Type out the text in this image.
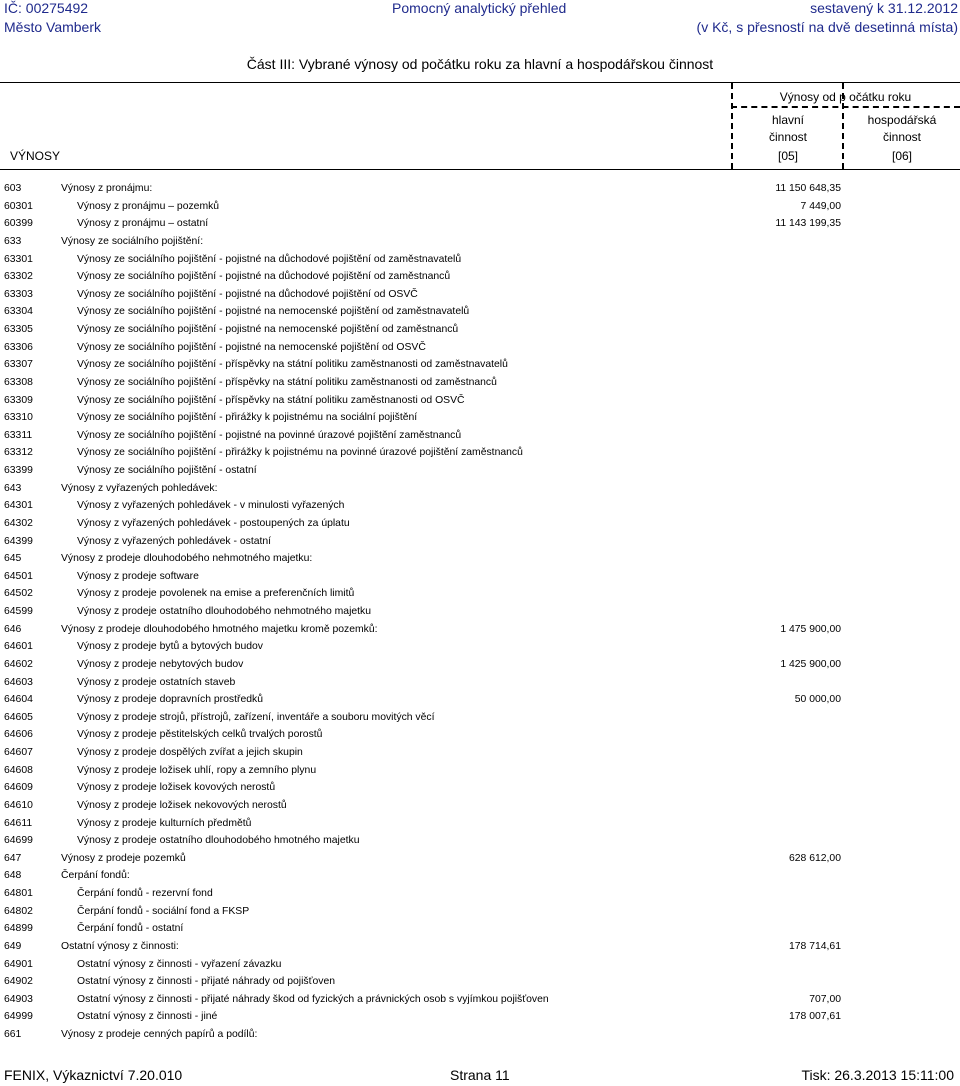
IČ: 00275492
Město Vamberk
Pomocný analytický přehled	sestavený k 31.12.2012
(v Kč, s přesností na dvě desetinná místa)
Část III: Vybrané výnosy od počátku roku za hlavní a hospodářskou činnost
VÝNOSY
Výnosy od p očátku roku
hlavní
činnost
[05]
hospodářská
činnost
[06]
603	Výnosy z pronájmu:	11 150 648,35
60301	Výnosy z pronájmu – pozemků	7 449,00
60399	Výnosy z pronájmu – ostatní	11 143 199,35
633	Výnosy ze sociálního pojištění:
63301	Výnosy ze sociálního pojištění - pojistné na důchodové pojištění od zaměstnavatelů
63302	Výnosy ze sociálního pojištění - pojistné na důchodové pojištění od zaměstnanců
63303	Výnosy ze sociálního pojištění - pojistné na důchodové pojištění od OSVČ
63304	Výnosy ze sociálního pojištění - pojistné na nemocenské pojištění od zaměstnavatelů
63305	Výnosy ze sociálního pojištění - pojistné na nemocenské pojištění od zaměstnanců
63306	Výnosy ze sociálního pojištění - pojistné na nemocenské pojištění od OSVČ
63307	Výnosy ze sociálního pojištění - příspěvky na státní politiku zaměstnanosti od zaměstnavatelů
63308	Výnosy ze sociálního pojištění - příspěvky na státní politiku zaměstnanosti od zaměstnanců
63309	Výnosy ze sociálního pojištění - příspěvky na státní politiku zaměstnanosti od OSVČ
63310	Výnosy ze sociálního pojištění - přirážky k pojistnému na sociální pojištění
63311	Výnosy ze sociálního pojištění - pojistné na povinné úrazové pojištění zaměstnanců
63312	Výnosy ze sociálního pojištění - přirážky k pojistnému na povinné úrazové pojištění zaměstnanců
63399	Výnosy ze sociálního pojištění - ostatní
643	Výnosy z vyřazených pohledávek:
64301	Výnosy z vyřazených pohledávek - v minulosti vyřazených
64302	Výnosy z vyřazených pohledávek - postoupených za úplatu
64399	Výnosy z vyřazených pohledávek - ostatní
645	Výnosy z prodeje dlouhodobého nehmotného majetku:
64501	Výnosy z prodeje software
64502	Výnosy z prodeje povolenek na emise a preferenčních limitů
64599	Výnosy z prodeje ostatního dlouhodobého nehmotného majetku
646	Výnosy z prodeje dlouhodobého hmotného majetku kromě pozemků:	1 475 900,00
64601	Výnosy z prodeje bytů a bytových budov
64602	Výnosy z prodeje nebytových budov	1 425 900,00
64603	Výnosy z prodeje ostatních staveb
64604	Výnosy z prodeje dopravních prostředků	50 000,00
64605	Výnosy z prodeje strojů, přístrojů, zařízení, inventáře a souboru movitých věcí
64606	Výnosy z prodeje pěstitelských celků trvalých porostů
64607	Výnosy z prodeje dospělých zvířat a jejich skupin
64608	Výnosy z prodeje ložisek uhlí, ropy a zemního plynu
64609	Výnosy z prodeje ložisek kovových nerostů
64610	Výnosy z prodeje ložisek nekovových nerostů
64611	Výnosy z prodeje kulturních předmětů
64699	Výnosy z prodeje ostatního dlouhodobého hmotného majetku
647	Výnosy z prodeje pozemků	628 612,00
648	Čerpání fondů:
64801	Čerpání fondů - rezervní fond
64802	Čerpání fondů - sociální fond a FKSP
64899	Čerpání fondů - ostatní
649	Ostatní výnosy z činnosti:	178 714,61
64901	Ostatní výnosy z činnosti - vyřazení závazku
64902	Ostatní výnosy z činnosti - přijaté náhrady od pojišťoven
64903	Ostatní výnosy z činnosti - přijaté náhrady škod od fyzických a právnických osob s vyjímkou pojišťoven	707,00
64999	Ostatní výnosy z činnosti - jiné	178 007,61
661	Výnosy z prodeje cenných papírů a podílů:
FENIX, Výkaznictví 7.20.010	Strana 11	Tisk: 26.3.2013 15:11:00
